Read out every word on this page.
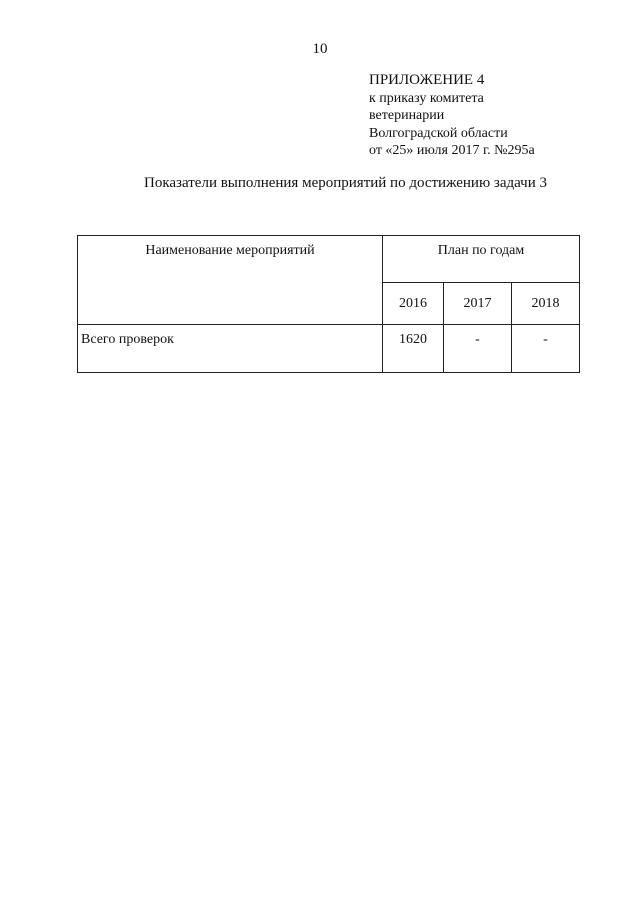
10
ПРИЛОЖЕНИЕ 4
к приказу комитета
ветеринарии
Волгоградской области
от «25» июля 2017 г. №295а
Показатели выполнения мероприятий по достижению задачи 3
Наименование мероприятий	План по годам		
	2016	2017	2018
Всего проверок	1620	-	-
